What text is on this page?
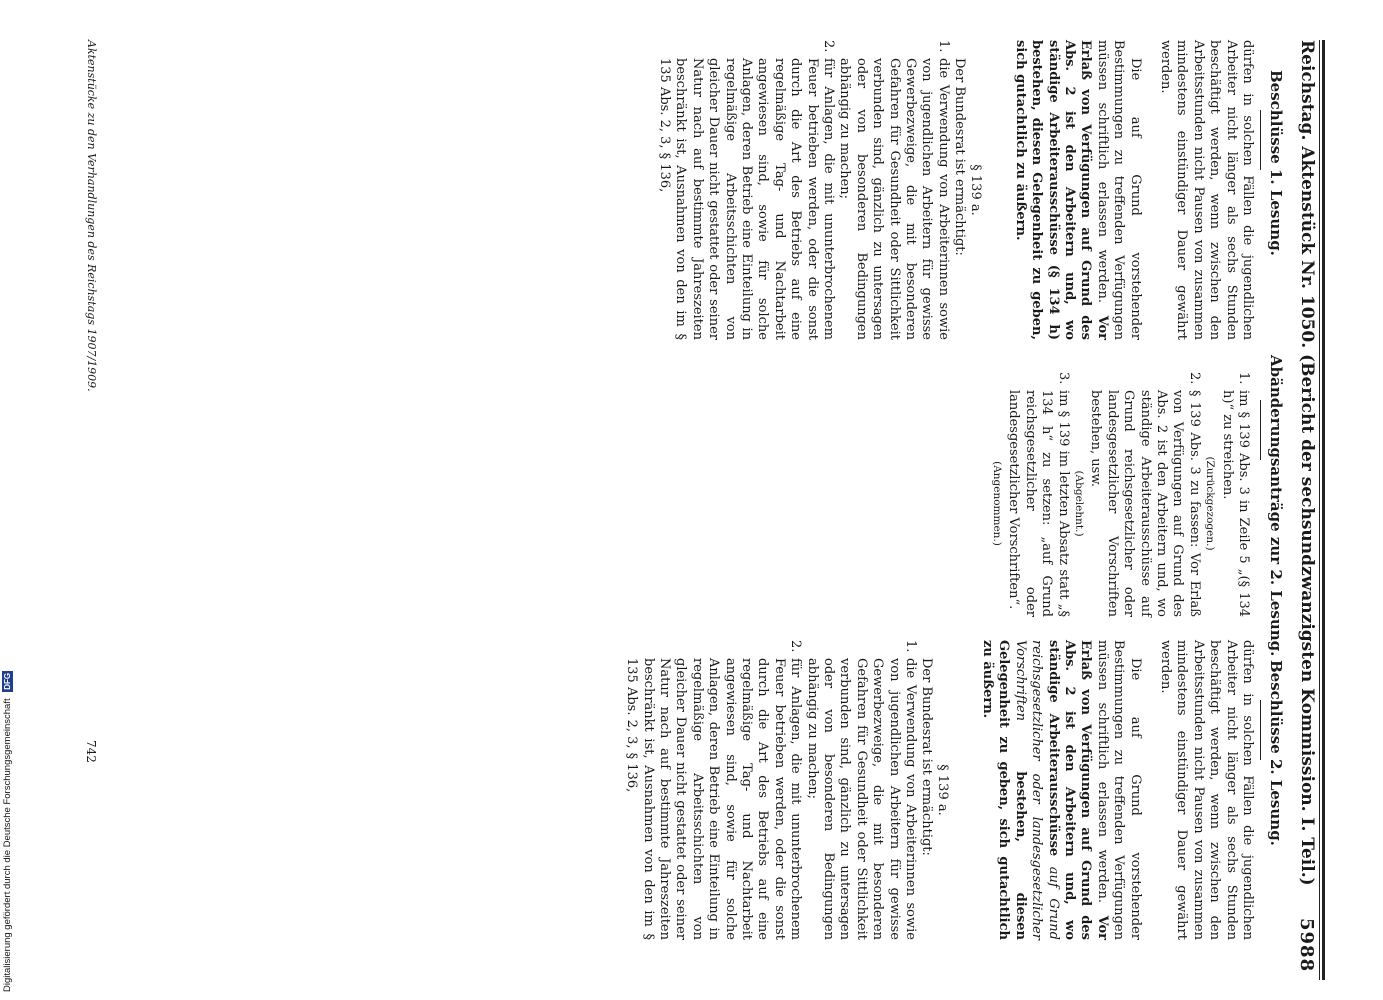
Reichstag. Aktenstück Nr. 1050. (Bericht der sechsundzwanzigsten Kommission. I. Teil.)
5988
Beschlüsse 1. Lesung.
Abänderungsanträge zur 2. Lesung.
Beschlüsse 2. Lesung.
dürfen in solchen Fällen die jugendlichen Arbeiter nicht länger als sechs Stunden beschäftigt werden, wenn zwischen den Arbeitsstunden nicht Pausen von zusammen mindestens einstündiger Dauer gewährt werden.
Die auf Grund vorstehender Bestimmungen zu treffenden Verfügungen müssen schriftlich erlassen werden. Vor Erlaß von Verfügungen auf Grund des Abs. 2 ist den Arbeitern und, wo ständige Arbeiterausschüsse (§ 134 h) bestehen, diesen Gelegenheit zu geben, sich gutachtlich zu äußern.
§ 139 a.
Der Bundesrat ist ermächtigt:
1.
die Verwendung von Arbeiterinnen sowie von jugendlichen Arbeitern für gewisse Gewerbezweige, die mit besonderen Gefahren für Gesundheit oder Sittlichkeit verbunden sind, gänzlich zu untersagen oder von besonderen Bedingungen abhängig zu machen;
2.
für Anlagen, die mit ununterbrochenem Feuer betrieben werden, oder die sonst durch die Art des Betriebs auf eine regelmäßige Tag- und Nachtarbeit angewiesen sind, sowie für solche Anlagen, deren Betrieb eine Einteilung in regelmäßige Arbeitsschichten von gleicher Dauer nicht gestattet oder seiner Natur nach auf bestimmte Jahreszeiten beschränkt ist, Ausnahmen von den im § 135 Abs. 2, 3, § 136,
1.
im § 139 Abs. 3 in Zeile 5 „(§ 134 h)“ zu streichen.
(Zurückgezogen.)
2.
§ 139 Abs. 3 zu fassen: Vor Erlaß von Verfügungen auf Grund des Abs. 2 ist den Arbeitern und, wo ständige Arbeiterausschüsse auf Grund reichsgesetzlicher oder landesgesetzlicher Vorschriften bestehen, usw.
(Abgelehnt.)
3.
im § 139 im letzten Absatz statt „§ 134 h“ zu setzen: „auf Grund reichsgesetzlicher oder landesgesetzlicher Vorschriften“.
(Angenommen.)
dürfen in solchen Fällen die jugendlichen Arbeiter nicht länger als sechs Stunden beschäftigt werden, wenn zwischen den Arbeitsstunden nicht Pausen von zusammen mindestens einstündiger Dauer gewährt werden.
Die auf Grund vorstehender Bestimmungen zu treffenden Verfügungen müssen schriftlich erlassen werden. Vor Erlaß von Verfügungen auf Grund des Abs. 2 ist den Arbeitern und, wo ständige Arbeiterausschüsse auf Grund reichsgesetzlicher oder landesgesetzlicher Vorschriften bestehen, diesen Gelegenheit zu geben, sich gutachtlich zu äußern.
§ 139 a.
Der Bundesrat ist ermächtigt:
1.
die Verwendung von Arbeiterinnen sowie von jugendlichen Arbeitern für gewisse Gewerbezweige, die mit besonderen Gefahren für Gesundheit oder Sittlichkeit verbunden sind, gänzlich zu untersagen oder von besonderen Bedingungen abhängig zu machen;
2.
für Anlagen, die mit ununterbrochenem Feuer betrieben werden, oder die sonst durch die Art des Betriebs auf eine regelmäßige Tag- und Nachtarbeit angewiesen sind, sowie für solche Anlagen, deren Betrieb eine Einteilung in regelmäßige Arbeitsschichten von gleicher Dauer nicht gestattet oder seiner Natur nach auf bestimmte Jahreszeiten beschränkt ist, Ausnahmen von den im § 135 Abs. 2, 3, § 136,
Aktenstücke zu den Verhandlungen des Reichstags 1907/1909.
742
Digitalisierung gefördert durch die Deutsche Forschungsgemeinschaft DFG
